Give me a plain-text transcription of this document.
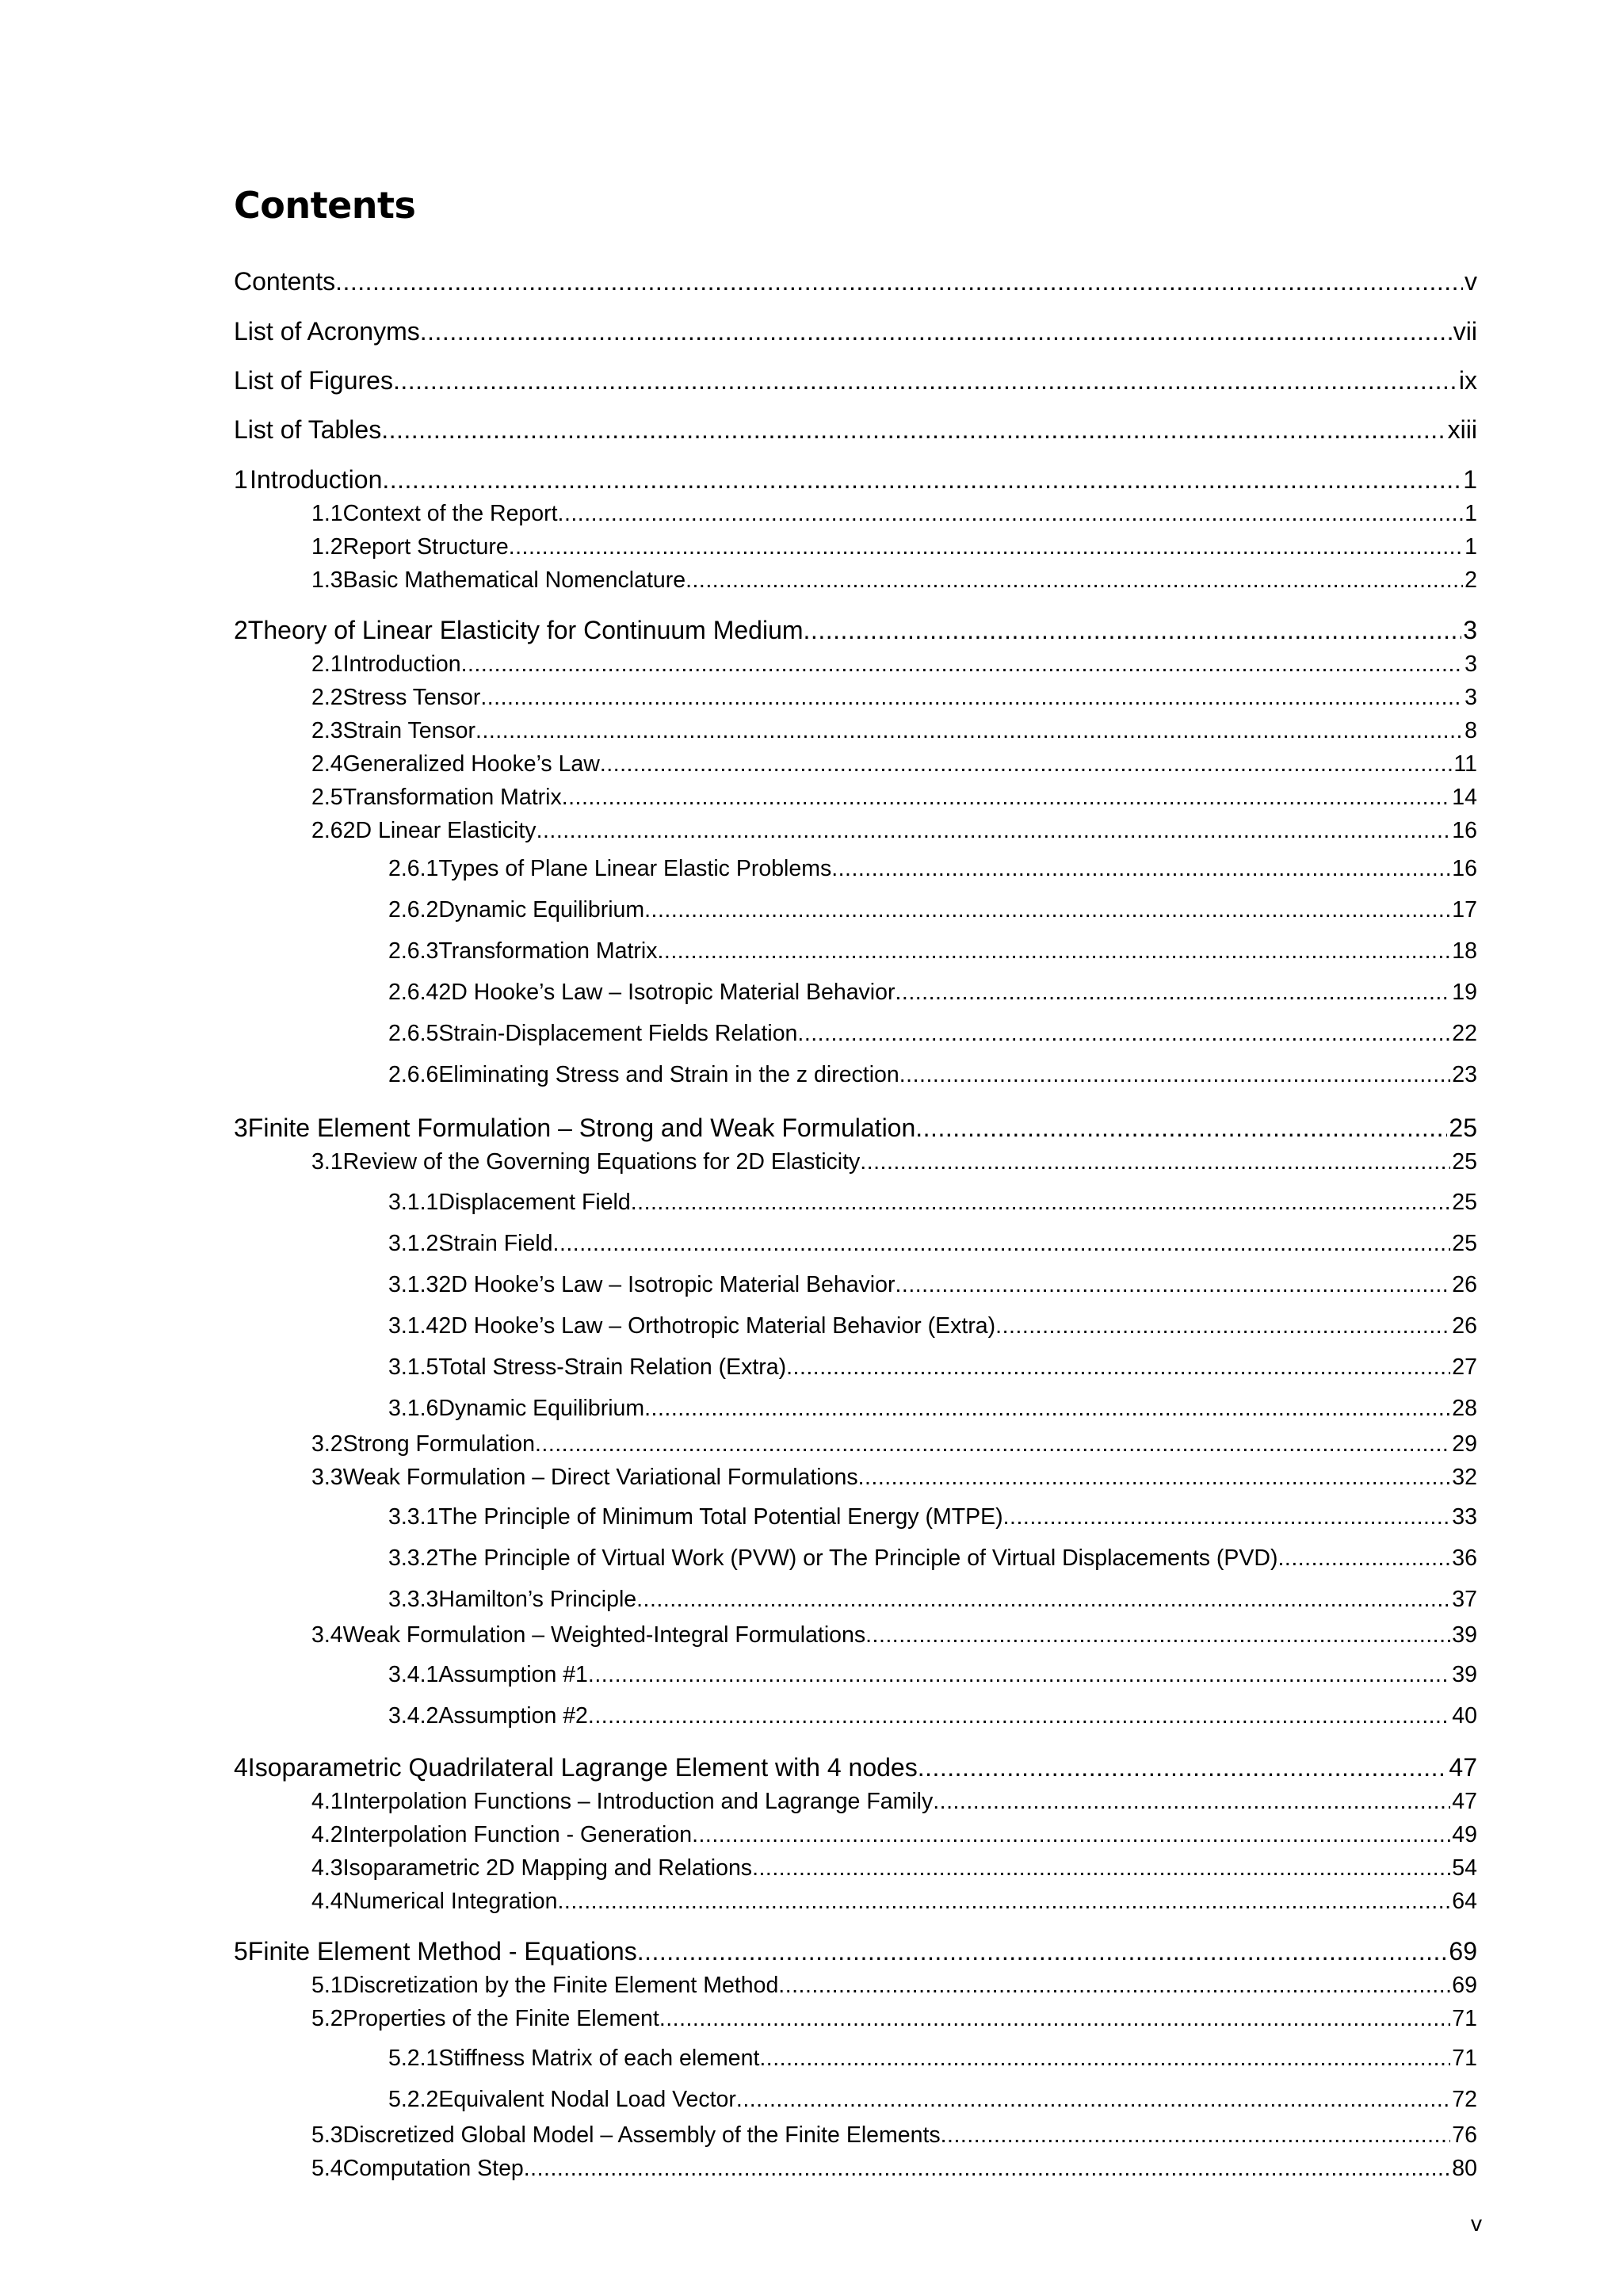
Contents
Contents .....	v
List of Acronyms .....	vii
List of Figures .....	ix
List of Tables .....	xiii
1 Introduction .....	1
1.1 Context of the Report .....	1
1.2 Report Structure .....	1
1.3 Basic Mathematical Nomenclature .....	2
2 Theory of Linear Elasticity for Continuum Medium .....	3
2.1 Introduction .....	3
2.2 Stress Tensor .....	3
2.3 Strain Tensor .....	8
2.4 Generalized Hooke’s Law .....	11
2.5 Transformation Matrix .....	14
2.6 2D Linear Elasticity .....	16
2.6.1 Types of Plane Linear Elastic Problems .....	16
2.6.2 Dynamic Equilibrium .....	17
2.6.3 Transformation Matrix .....	18
2.6.4 2D Hooke’s Law – Isotropic Material Behavior .....	19
2.6.5 Strain-Displacement Fields Relation .....	22
2.6.6 Eliminating Stress and Strain in the z direction .....	23
3 Finite Element Formulation – Strong and Weak Formulation .....	25
3.1 Review of the Governing Equations for 2D Elasticity .....	25
3.1.1 Displacement Field .....	25
3.1.2 Strain Field .....	25
3.1.3 2D Hooke’s Law – Isotropic Material Behavior .....	26
3.1.4 2D Hooke’s Law – Orthotropic Material Behavior (Extra) .....	26
3.1.5 Total Stress-Strain Relation (Extra) .....	27
3.1.6 Dynamic Equilibrium .....	28
3.2 Strong Formulation .....	29
3.3 Weak Formulation – Direct Variational Formulations .....	32
3.3.1 The Principle of Minimum Total Potential Energy (MTPE) .....	33
3.3.2 The Principle of Virtual Work (PVW) or The Principle of Virtual Displacements (PVD) .....	36
3.3.3 Hamilton’s Principle .....	37
3.4 Weak Formulation – Weighted-Integral Formulations .....	39
3.4.1 Assumption #1 .....	39
3.4.2 Assumption #2 .....	40
4 Isoparametric Quadrilateral Lagrange Element with 4 nodes .....	47
4.1 Interpolation Functions – Introduction and Lagrange Family .....	47
4.2 Interpolation Function - Generation .....	49
4.3 Isoparametric 2D Mapping and Relations .....	54
4.4 Numerical Integration .....	64
5 Finite Element Method - Equations .....	69
5.1 Discretization by the Finite Element Method .....	69
5.2 Properties of the Finite Element .....	71
5.2.1 Stiffness Matrix of each element .....	71
5.2.2 Equivalent Nodal Load Vector .....	72
5.3 Discretized Global Model – Assembly of the Finite Elements .....	76
5.4 Computation Step .....	80
v
